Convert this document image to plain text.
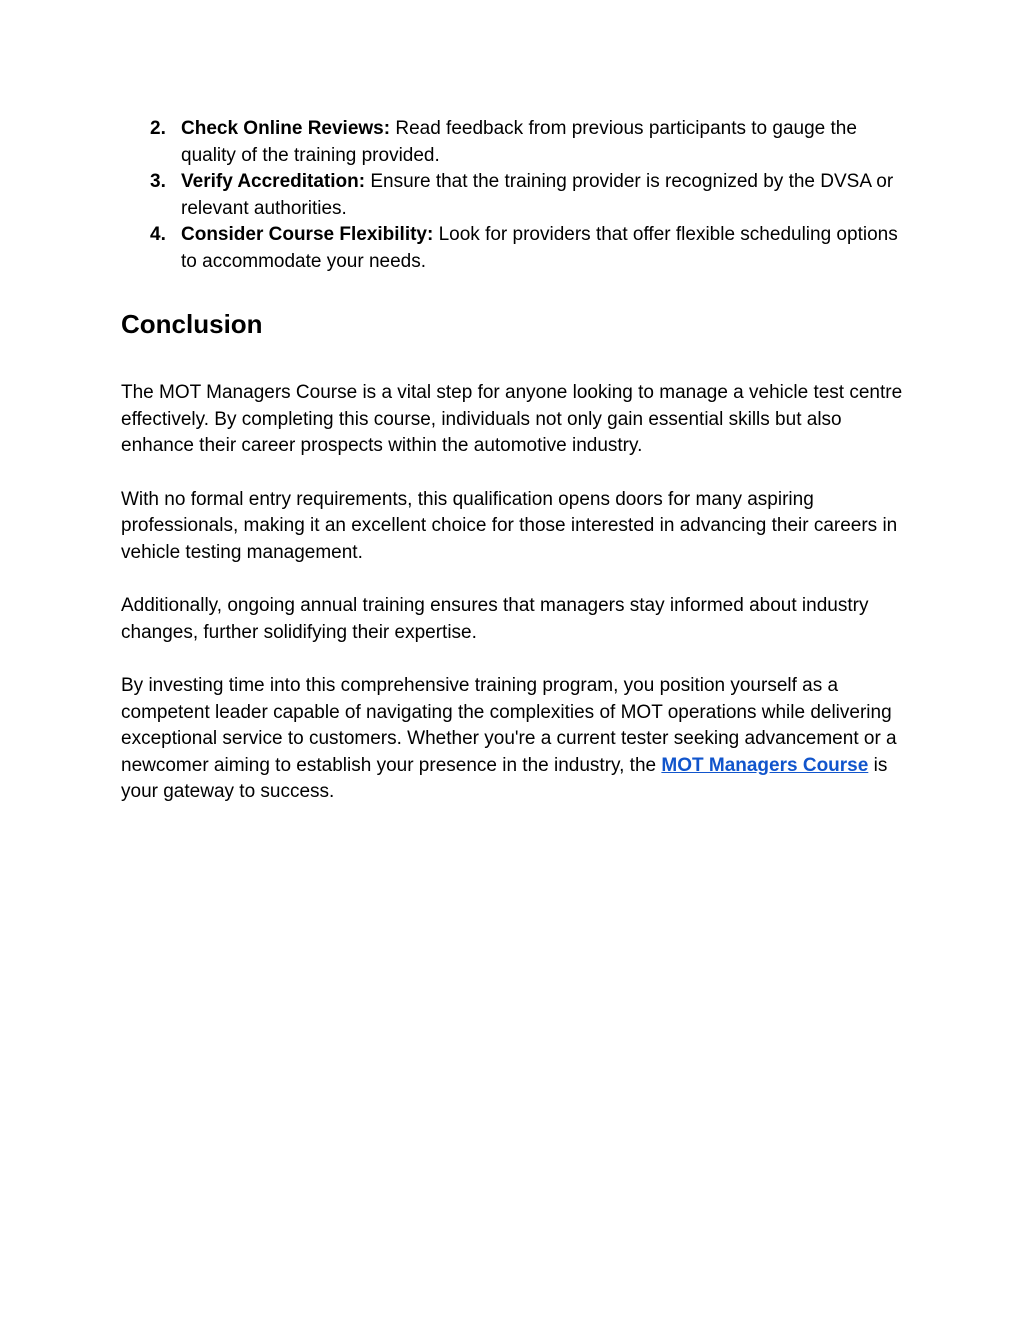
2. Check Online Reviews: Read feedback from previous participants to gauge the quality of the training provided.
3. Verify Accreditation: Ensure that the training provider is recognized by the DVSA or relevant authorities.
4. Consider Course Flexibility: Look for providers that offer flexible scheduling options to accommodate your needs.
Conclusion

The MOT Managers Course is a vital step for anyone looking to manage a vehicle test centre effectively. By completing this course, individuals not only gain essential skills but also enhance their career prospects within the automotive industry.

With no formal entry requirements, this qualification opens doors for many aspiring professionals, making it an excellent choice for those interested in advancing their careers in vehicle testing management.

Additionally, ongoing annual training ensures that managers stay informed about industry changes, further solidifying their expertise.

By investing time into this comprehensive training program, you position yourself as a competent leader capable of navigating the complexities of MOT operations while delivering exceptional service to customers. Whether you're a current tester seeking advancement or a newcomer aiming to establish your presence in the industry, the MOT Managers Course is your gateway to success.
